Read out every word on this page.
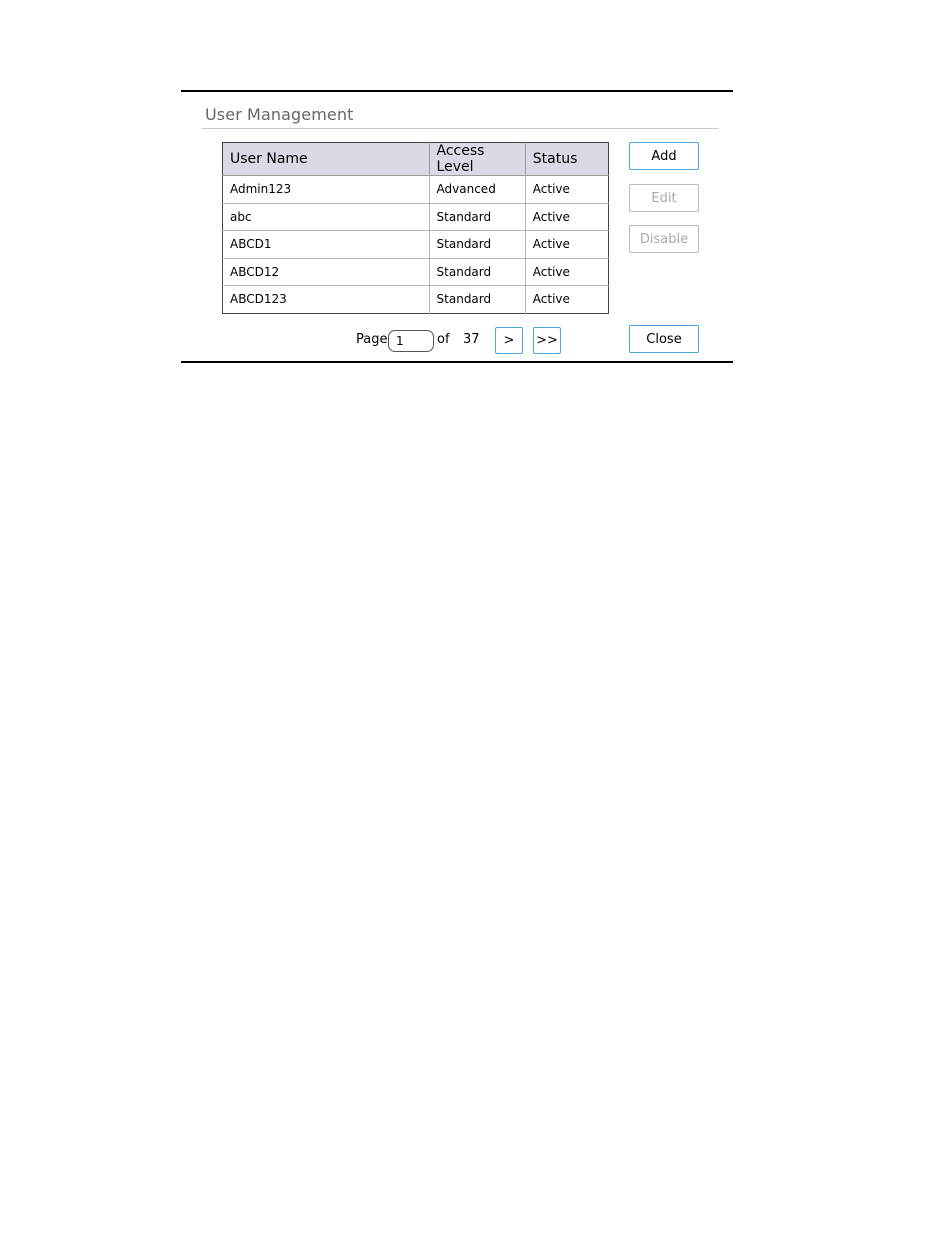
User Management
User Name	Access Level	Status
Admin123	Advanced	Active
abc	Standard	Active
ABCD1	Standard	Active
ABCD12	Standard	Active
ABCD123	Standard	Active
Add
Edit
Disable
Page 1	of 37	>	>>	Close
